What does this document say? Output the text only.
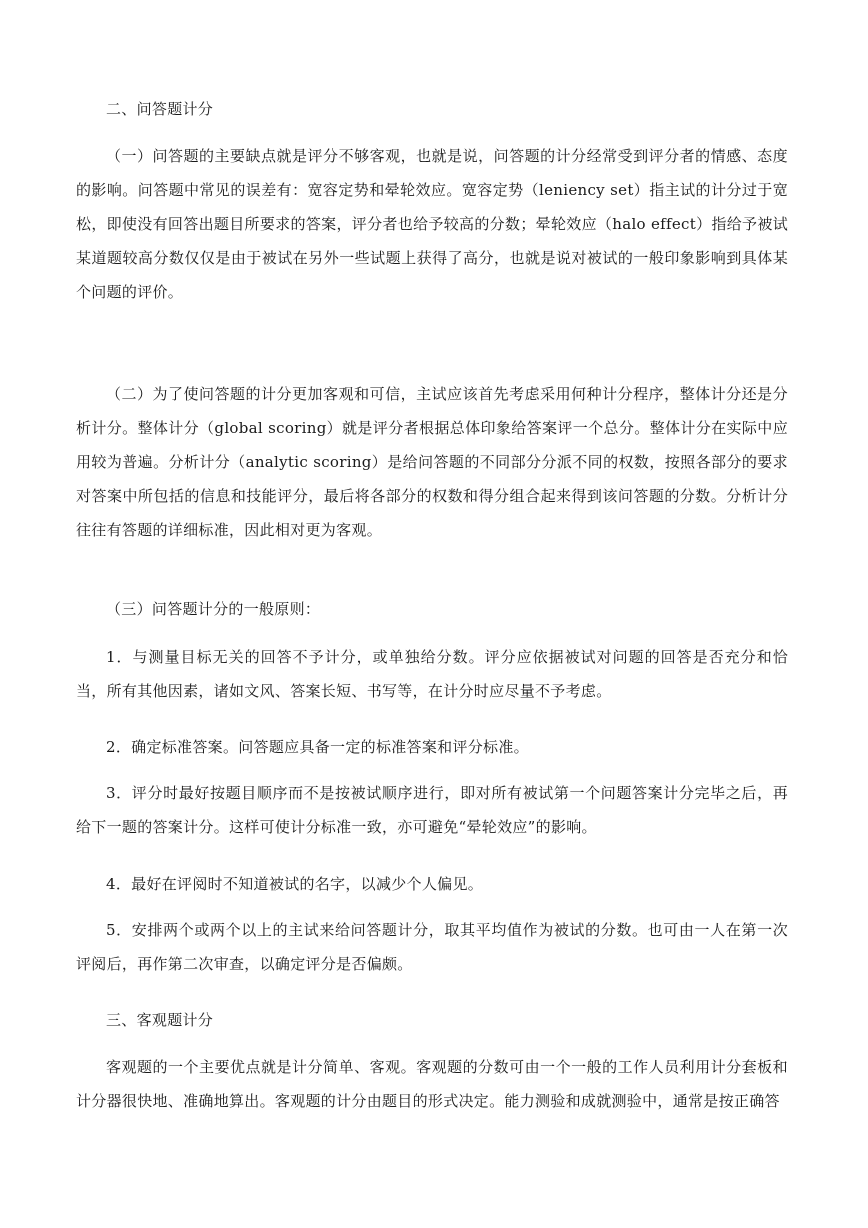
二、问答题计分

（一）问答题的主要缺点就是评分不够客观，也就是说，问答题的计分经常受到评分者的情感、态度的影响。问答题中常见的误差有：宽容定势和晕轮效应。宽容定势（leniency set）指主试的计分过于宽松，即使没有回答出题目所要求的答案，评分者也给予较高的分数；晕轮效应（halo effect）指给予被试某道题较高分数仅仅是由于被试在另外一些试题上获得了高分，也就是说对被试的一般印象影响到具体某个问题的评价。

（二）为了使问答题的计分更加客观和可信，主试应该首先考虑采用何种计分程序，整体计分还是分析计分。整体计分（global scoring）就是评分者根据总体印象给答案评一个总分。整体计分在实际中应用较为普遍。分析计分（analytic scoring）是给问答题的不同部分分派不同的权数，按照各部分的要求对答案中所包括的信息和技能评分，最后将各部分的权数和得分组合起来得到该问答题的分数。分析计分往往有答题的详细标准，因此相对更为客观。

（三）问答题计分的一般原则：

1．与测量目标无关的回答不予计分，或单独给分数。评分应依据被试对问题的回答是否充分和恰当，所有其他因素，诸如文风、答案长短、书写等，在计分时应尽量不予考虑。

2．确定标准答案。问答题应具备一定的标准答案和评分标准。

3．评分时最好按题目顺序而不是按被试顺序进行，即对所有被试第一个问题答案计分完毕之后，再给下一题的答案计分。这样可使计分标准一致，亦可避免“晕轮效应”的影响。

4．最好在评阅时不知道被试的名字，以减少个人偏见。

5．安排两个或两个以上的主试来给问答题计分，取其平均值作为被试的分数。也可由一人在第一次评阅后，再作第二次审查，以确定评分是否偏颇。

三、客观题计分

客观题的一个主要优点就是计分简单、客观。客观题的分数可由一个一般的工作人员利用计分套板和计分器很快地、准确地算出。客观题的计分由题目的形式决定。能力测验和成就测验中，通常是按正确答
